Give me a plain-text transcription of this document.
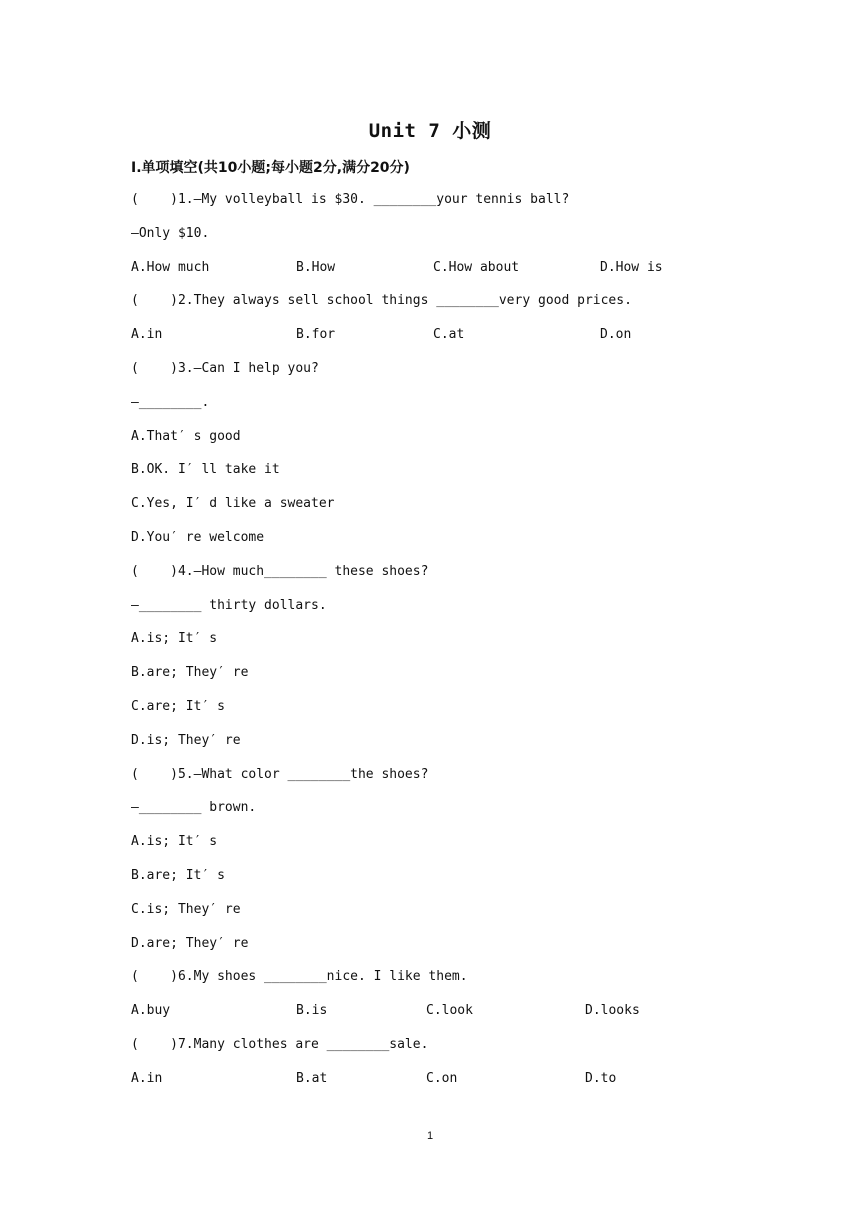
Unit 7 小测
Ⅰ.单项填空(共10小题;每小题2分,满分20分)
(    )1.—My volleyball is $30. ________your tennis ball?
—Only $10.
A.How much	B.How	C.How about	D.How is
(    )2.They always sell school things ________very good prices.
A.in	B.for	C.at	D.on
(    )3.—Can I help you?
—________.
A.That′ s good
B.OK. I′ ll take it
C.Yes, I′ d like a sweater
D.You′ re welcome
(    )4.—How much________ these shoes?
—________ thirty dollars.
A.is; It′ s
B.are; They′ re
C.are; It′ s
D.is; They′ re
(    )5.—What color ________the shoes?
—________ brown.
A.is; It′ s
B.are; It′ s
C.is; They′ re
D.are; They′ re
(    )6.My shoes ________nice. I like them.
A.buy	B.is	C.look	D.looks
(    )7.Many clothes are ________sale.
A.in	B.at	C.on	D.to
1
